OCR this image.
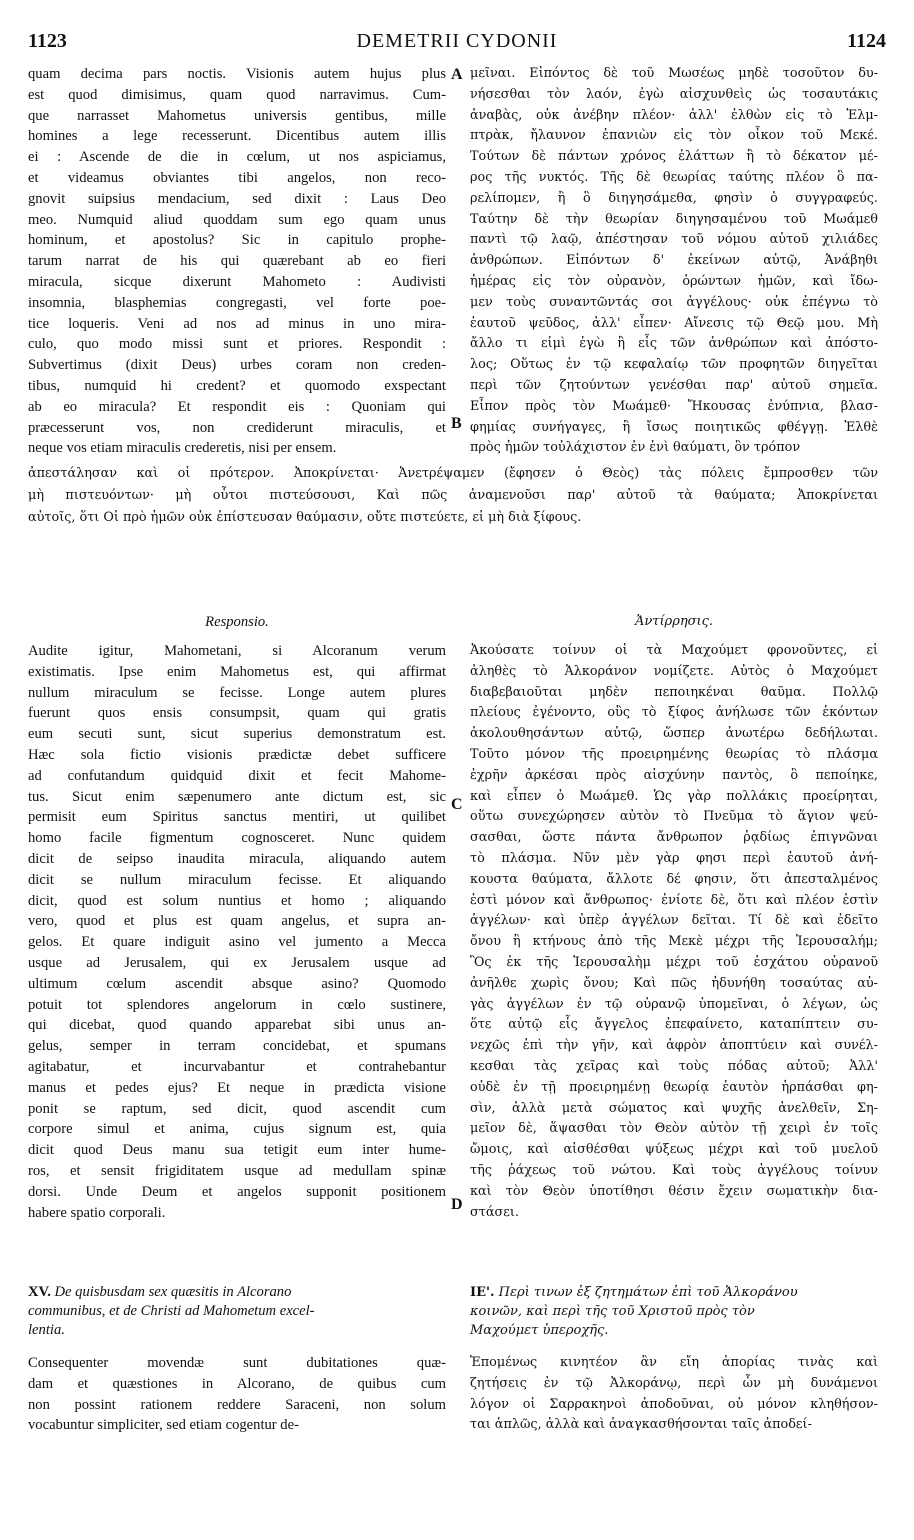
1123	DEMETRII CYDONII	1124
A
B
C
D
quam decima pars noctis. Visionis autem hujus plus
est quod dimisimus, quam quod narravimus. Cum-
que narrasset Mahometus universis gentibus, mille
homines a lege recesserunt. Dicentibus autem illis
ei : Ascende de die in cœlum, ut nos aspiciamus,
et videamus obviantes tibi angelos, non reco-
gnovit suipsius mendacium, sed dixit : Laus Deo
meo. Numquid aliud quoddam sum ego quam unus
hominum, et apostolus? Sic in capitulo prophe-
tarum narrat de his qui quærebant ab eo fieri
miracula, sicque dixerunt Mahometo : Audivisti
insomnia, blasphemias congregasti, vel forte poe-
tice loqueris. Veni ad nos ad minus in uno mira-
culo, quo modo missi sunt et priores. Respondit :
Subvertimus (dixit Deus) urbes coram non creden-
tibus, numquid hi credent? et quomodo exspectant
ab eo miracula? Et respondit eis : Quoniam qui
præcesserunt vos, non crediderunt miraculis, et
neque vos etiam miraculis crederetis, nisi per ensem.
μεῖναι. Εἰπόντος δὲ τοῦ Μωσέως μηδὲ τοσοῦτον δυ-
νήσεσθαι τὸν λαόν, ἐγὼ αἰσχυνθεὶς ὡς τοσαυτάκις
ἀναβὰς, οὐκ ἀνέβην πλέον· ἀλλ' ἐλθὼν εἰς τὸ Ἐλμ-
πτρὰκ, ἤλαυνον ἐπανιὼν εἰς τὸν οἶκον τοῦ Μεκέ.
Τούτων δὲ πάντων χρόνος ἐλάττων ἢ τὸ δέκατον μέ-
ρος τῆς νυκτός. Τῆς δὲ θεωρίας ταύτης πλέον ὃ πα-
ρελίπομεν, ἢ ὃ διηγησάμεθα, φησὶν ὁ συγγραφεύς.
Ταύτην δὲ τὴν θεωρίαν διηγησαμένου τοῦ Μωάμεθ
παντὶ τῷ λαῷ, ἀπέστησαν τοῦ νόμου αὐτοῦ χιλιάδες
ἀνθρώπων. Εἰπόντων δ' ἐκείνων αὐτῷ, Ἀνάβηθι
ἡμέρας εἰς τὸν οὐρανὸν, ὁρώντων ἡμῶν, καὶ ἴδω-
μεν τοὺς συναντῶντάς σοι ἀγγέλους· οὐκ ἐπέγνω τὸ
ἑαυτοῦ ψεῦδος, ἀλλ' εἶπεν· Αἴνεσις τῷ Θεῷ μου. Μὴ
ἄλλο τι εἰμὶ ἐγὼ ἢ εἷς τῶν ἀνθρώπων καὶ ἀπόστο-
λος; Οὕτως ἐν τῷ κεφαλαίῳ τῶν προφητῶν διηγεῖται
περὶ τῶν ζητούντων γενέσθαι παρ' αὐτοῦ σημεῖα.
Εἶπον πρὸς τὸν Μωάμεθ· Ἤκουσας ἐνύπνια, βλασ-
φημίας συνήγαγες, ἢ ἴσως ποιητικῶς φθέγγῃ. Ἐλθὲ
πρὸς ἡμῶν τοὐλάχιστον ἐν ἑνὶ θαύματι, ὃν τρόπον
ἀπεστάλησαν καὶ οἱ πρότερον. Ἀποκρίνεται· Ἀνετρέψαμεν (ἔφησεν ὁ Θεὸς) τὰς πόλεις ἔμπροσθεν τῶν
μὴ πιστευόντων· μὴ οὗτοι πιστεύσουσι, Καὶ πῶς ἀναμενοῦσι παρ' αὐτοῦ τὰ θαύματα; Ἀποκρίνεται
αὐτοῖς, ὅτι Οἱ πρὸ ἡμῶν οὐκ ἐπίστευσαν θαύμασιν, οὔτε πιστεύετε, εἰ μὴ διὰ ξίφους.
Responsio.	Ἀντίρρησις.
Audite igitur, Mahometani, si Alcoranum verum
existimatis. Ipse enim Mahometus est, qui affirmat
nullum miraculum se fecisse. Longe autem plures
fuerunt quos ensis consumpsit, quam qui gratis
eum secuti sunt, sicut superius demonstratum est.
Hæc sola fictio visionis prædictæ debet sufficere
ad confutandum quidquid dixit et fecit Mahome-
tus. Sicut enim sæpenumero ante dictum est, sic
permisit eum Spiritus sanctus mentiri, ut quilibet
homo facile figmentum cognosceret. Nunc quidem
dicit de seipso inaudita miracula, aliquando autem
dicit se nullum miraculum fecisse. Et aliquando
dicit, quod est solum nuntius et homo ; aliquando
vero, quod et plus est quam angelus, et supra an-
gelos. Et quare indiguit asino vel jumento a Mecca
usque ad Jerusalem, qui ex Jerusalem usque ad
ultimum cœlum ascendit absque asino? Quomodo
potuit tot splendores angelorum in cœlo sustinere,
qui dicebat, quod quando apparebat sibi unus an-
gelus, semper in terram concidebat, et spumans
agitabatur, et incurvabantur et contrahebantur
manus et pedes ejus? Et neque in prædicta visione
ponit se raptum, sed dicit, quod ascendit cum
corpore simul et anima, cujus signum est, quia
dicit quod Deus manu sua tetigit eum inter hume-
ros, et sensit frigiditatem usque ad medullam spinæ
dorsi. Unde Deum et angelos supponit positionem
habere spatio corporali.
Ἀκούσατε τοίνυν οἱ τὰ Μαχούμετ φρονοῦντες, εἰ
ἀληθὲς τὸ Ἀλκοράνον νομίζετε. Αὐτὸς ὁ Μαχούμετ
διαβεβαιοῦται μηδὲν πεποιηκέναι θαῦμα. Πολλῷ
πλείους ἐγένοντο, οὓς τὸ ξίφος ἀνήλωσε τῶν ἑκόντων
ἀκολουθησάντων αὐτῷ, ὥσπερ ἀνωτέρω δεδήλωται.
Τοῦτο μόνον τῆς προειρημένης θεωρίας τὸ πλάσμα
ἐχρῆν ἀρκέσαι πρὸς αἰσχύνην παντὸς, ὃ πεποίηκε,
καὶ εἶπεν ὁ Μωάμεθ. Ὡς γὰρ πολλάκις προείρηται,
οὕτω συνεχώρησεν αὐτὸν τὸ Πνεῦμα τὸ ἅγιον ψεύ-
σασθαι, ὥστε πάντα ἄνθρωπον ῥᾳδίως ἐπιγνῶναι
τὸ πλάσμα. Νῦν μὲν γὰρ φησι περὶ ἑαυτοῦ ἀνή-
κουστα θαύματα, ἄλλοτε δέ φησιν, ὅτι ἀπεσταλμένος
ἐστὶ μόνον καὶ ἄνθρωπος· ἐνίοτε δὲ, ὅτι καὶ πλέον ἐστὶν
ἀγγέλων· καὶ ὑπὲρ ἀγγέλων δεῖται. Τί δὲ καὶ ἐδεῖτο
ὄνου ἢ κτήνους ἀπὸ τῆς Μεκὲ μέχρι τῆς Ἱερουσαλήμ;
Ὃς ἐκ τῆς Ἱερουσαλὴμ μέχρι τοῦ ἐσχάτου οὐρανοῦ
ἀνῆλθε χωρὶς ὄνου; Καὶ πῶς ἠδυνήθη τοσαύτας αὐ-
γὰς ἀγγέλων ἐν τῷ οὐρανῷ ὑπομεῖναι, ὁ λέγων, ὡς
ὅτε αὐτῷ εἷς ἄγγελος ἐπεφαίνετο, καταπίπτειν συ-
νεχῶς ἐπὶ τὴν γῆν, καὶ ἀφρὸν ἀποπτύειν καὶ συνέλ-
κεσθαι τὰς χεῖρας καὶ τοὺς πόδας αὐτοῦ; Ἀλλ'
οὐδὲ ἐν τῇ προειρημένῃ θεωρίᾳ ἑαυτὸν ἡρπάσθαι φη-
σὶν, ἀλλὰ μετὰ σώματος καὶ ψυχῆς ἀνελθεῖν, Ση-
μεῖον δὲ, ἅψασθαι τὸν Θεὸν αὐτὸν τῇ χειρὶ ἐν τοῖς
ὤμοις, καὶ αἰσθέσθαι ψύξεως μέχρι καὶ τοῦ μυελοῦ
τῆς ῥάχεως τοῦ νώτου. Καὶ τοὺς ἀγγέλους τοίνυν
καὶ τὸν Θεὸν ὑποτίθησι θέσιν ἔχειν σωματικὴν δια-
στάσει.
XV. De quisbusdam sex quæsitis in Alcorano
communibus, et de Christi ad Mahometum excel-
lentia.
ΙΕ'. Περὶ τινων ἐξ ζητημάτων ἐπὶ τοῦ Ἀλκοράνου
κοινῶν, καὶ περὶ τῆς τοῦ Χριστοῦ πρὸς τὸν
Μαχούμετ ὑπεροχῆς.
Consequenter movendæ sunt dubitationes quæ-
dam et quæstiones in Alcorano, de quibus cum
non possint rationem reddere Saraceni, non solum
vocabuntur simpliciter, sed etiam cogentur de-
Ἑπομένως κινητέον ἂν εἴη ἀπορίας τινὰς καὶ
ζητήσεις ἐν τῷ Ἀλκοράνῳ, περὶ ὧν μὴ δυνάμενοι
λόγον οἱ Σαρρακηνοὶ ἀποδοῦναι, οὐ μόνον κληθήσον-
ται ἁπλῶς, ἀλλὰ καὶ ἀναγκασθήσονται ταῖς ἀποδεί-
